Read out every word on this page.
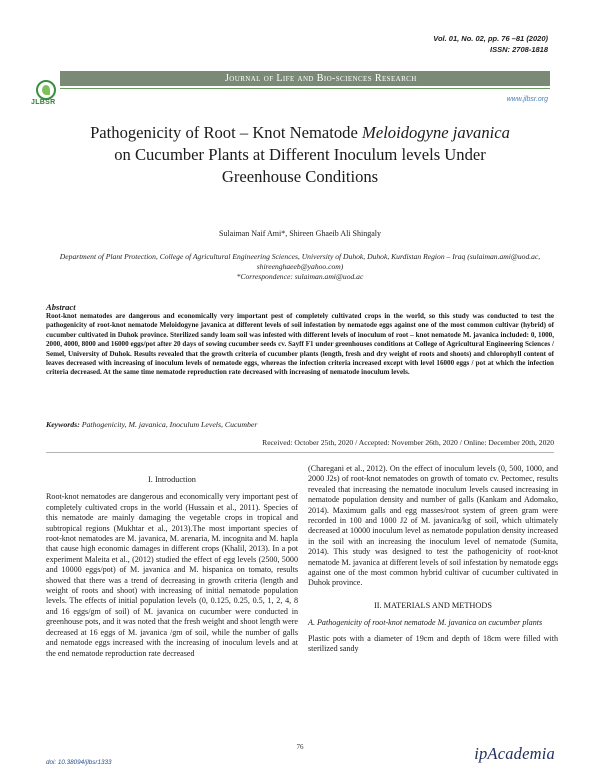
Vol. 01, No. 02, pp. 76 –81 (2020)
ISSN: 2708-1818
JLBSR
Journal of Life and Bio-sciences Research
www.jlbsr.org
Pathogenicity of Root – Knot Nematode Meloidogyne javanica
on Cucumber Plants at Different Inoculum levels Under
Greenhouse Conditions
Sulaiman Naif Ami*, Shireen Ghaeib Ali Shingaly
Department of Plant Protection, College of Agricultural Engineering Sciences, University of Duhok, Duhok, Kurdistan Region – Iraq (sulaiman.ami@uod.ac, shireenghaeeb@yahoo.com)
*Correspondence: sulaiman.ami@uod.ac
Abstract
Root-knot nematodes are dangerous and economically very important pest of completely cultivated crops in the world, so this study was conducted to test the pathogenicity of root-knot nematode Meloidogyne javanica at different levels of soil infestation by nematode eggs against one of the most common cultivar (hybrid) of cucumber cultivated in Duhok province. Sterilized sandy loam soil was infested with different levels of inoculum of root – knot nematode M. javanica included: 0, 1000, 2000, 4000, 8000 and 16000 eggs/pot after 20 days of sowing cucumber seeds cv. Sayff F1 under greenhouses conditions at College of Agricultural Engineering Sciences / Semel, University of Duhok. Results revealed that the growth criteria of cucumber plants (length, fresh and dry weight of roots and shoots) and chlorophyll content of leaves decreased with increasing of inoculum levels of nematode eggs, whereas the infection criteria increased except with level 16000 eggs / pot at which the infection criteria decreased. At the same time nematode reproduction rate decreased with increasing of nematode inoculum levels.
Keywords: Pathogenicity, M. javanica, Inoculum Levels, Cucumber
Received: October 25th, 2020 / Accepted: November 26th, 2020 / Online: December 20th, 2020
I. Introduction
Root-knot nematodes are dangerous and economically very important pest of completely cultivated crops in the world (Hussain et al., 2011). Species of this nematode are mainly damaging the vegetable crops in tropical and subtropical regions (Mukhtar et al., 2013).The most important species of root-knot nematodes are M. javanica, M. arenaria, M. incognita and M. hapla that cause high economic damages in different crops (Khalil, 2013). In a pot experiment Maleita et al., (2012) studied the effect of egg levels (2500, 5000 and 10000 eggs/pot) of M. javanica and M. hispanica on tomato, results showed that there was a trend of decreasing in growth criteria (length and weight of roots and shoot) with increasing of initial nematode population levels. The effects of initial population levels (0, 0.125, 0.25, 0.5, 1, 2, 4, 8 and 16 eggs/gm of soil) of M. javanica on cucumber were conducted in greenhouse pots, and it was noted that the fresh weight and shoot length were decreased at 16 eggs of M. javanica /gm of soil, while the number of galls and nematode eggs increased with the increasing of inoculum levels and at the end nematode reproduction rate decreased
(Charegani et al., 2012). On the effect of inoculum levels (0, 500, 1000, and 2000 J2s) of root-knot nematodes on growth of tomato cv. Pectomec, results revealed that increasing the nematode inoculum levels caused increasing in nematode population density and number of galls (Kankam and Adomako, 2014). Maximum galls and egg masses/root system of green gram were recorded in 100 and 1000 J2 of M. javanica/kg of soil, which ultimately decreased at 10000 inoculum level as nematode population density increased in the soil with an increasing the inoculum level of nematode (Sumita, 2014). This study was designed to test the pathogenicity of root-knot nematode M. javanica at different levels of soil infestation by nematode eggs against one of the most common hybrid cultivar of cucumber cultivated in Duhok province.
II. MATERIALS AND METHODS
A. Pathogenicity of root-knot nematode M. javanica on cucumber plants
Plastic pots with a diameter of 19cm and depth of 18cm were filled with sterilized sandy
76
doi: 10.38094/jlbsr1333	ipAcademia
